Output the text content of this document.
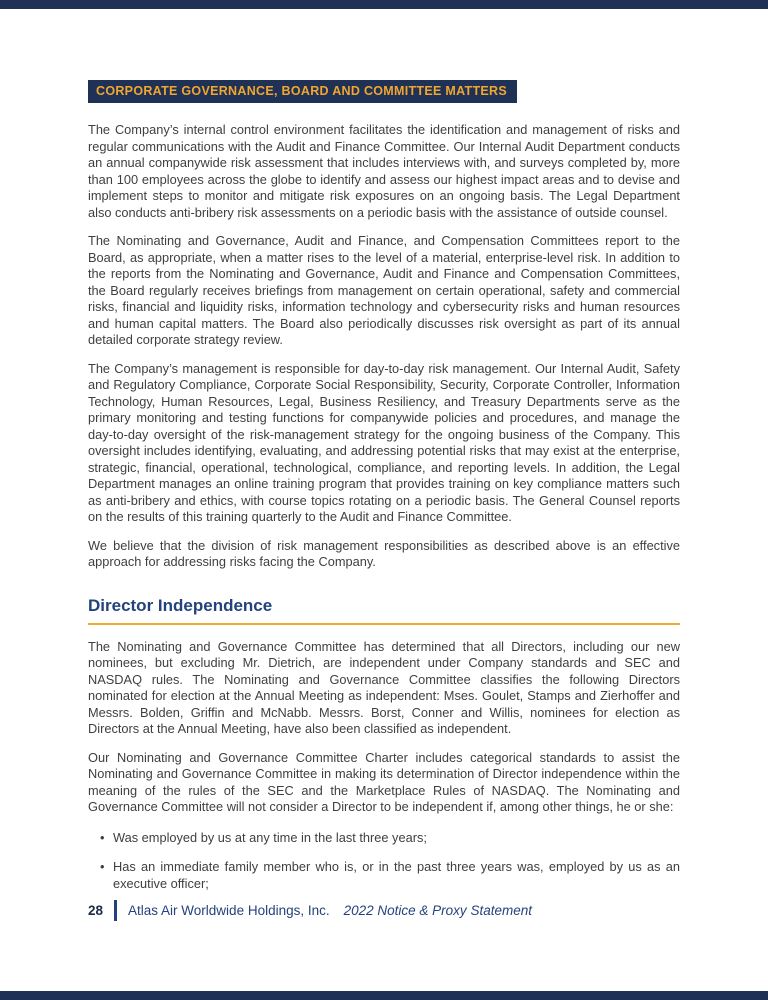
CORPORATE GOVERNANCE, BOARD AND COMMITTEE MATTERS

The Company’s internal control environment facilitates the identification and management of risks and regular communications with the Audit and Finance Committee. Our Internal Audit Department conducts an annual companywide risk assessment that includes interviews with, and surveys completed by, more than 100 employees across the globe to identify and assess our highest impact areas and to devise and implement steps to monitor and mitigate risk exposures on an ongoing basis. The Legal Department also conducts anti-bribery risk assessments on a periodic basis with the assistance of outside counsel.

The Nominating and Governance, Audit and Finance, and Compensation Committees report to the Board, as appropriate, when a matter rises to the level of a material, enterprise-level risk. In addition to the reports from the Nominating and Governance, Audit and Finance and Compensation Committees, the Board regularly receives briefings from management on certain operational, safety and commercial risks, financial and liquidity risks, information technology and cybersecurity risks and human resources and human capital matters. The Board also periodically discusses risk oversight as part of its annual detailed corporate strategy review.

The Company’s management is responsible for day-to-day risk management. Our Internal Audit, Safety and Regulatory Compliance, Corporate Social Responsibility, Security, Corporate Controller, Information Technology, Human Resources, Legal, Business Resiliency, and Treasury Departments serve as the primary monitoring and testing functions for companywide policies and procedures, and manage the day-to-day oversight of the risk-management strategy for the ongoing business of the Company. This oversight includes identifying, evaluating, and addressing potential risks that may exist at the enterprise, strategic, financial, operational, technological, compliance, and reporting levels. In addition, the Legal Department manages an online training program that provides training on key compliance matters such as anti-bribery and ethics, with course topics rotating on a periodic basis. The General Counsel reports on the results of this training quarterly to the Audit and Finance Committee.

We believe that the division of risk management responsibilities as described above is an effective approach for addressing risks facing the Company.

Director Independence

The Nominating and Governance Committee has determined that all Directors, including our new nominees, but excluding Mr. Dietrich, are independent under Company standards and SEC and NASDAQ rules. The Nominating and Governance Committee classifies the following Directors nominated for election at the Annual Meeting as independent: Mses. Goulet, Stamps and Zierhoffer and Messrs. Bolden, Griffin and McNabb. Messrs. Borst, Conner and Willis, nominees for election as Directors at the Annual Meeting, have also been classified as independent.

Our Nominating and Governance Committee Charter includes categorical standards to assist the Nominating and Governance Committee in making its determination of Director independence within the meaning of the rules of the SEC and the Marketplace Rules of NASDAQ. The Nominating and Governance Committee will not consider a Director to be independent if, among other things, he or she:

• Was employed by us at any time in the last three years;
• Has an immediate family member who is, or in the past three years was, employed by us as an executive officer;
28 Atlas Air Worldwide Holdings, Inc. 2022 Notice & Proxy Statement
